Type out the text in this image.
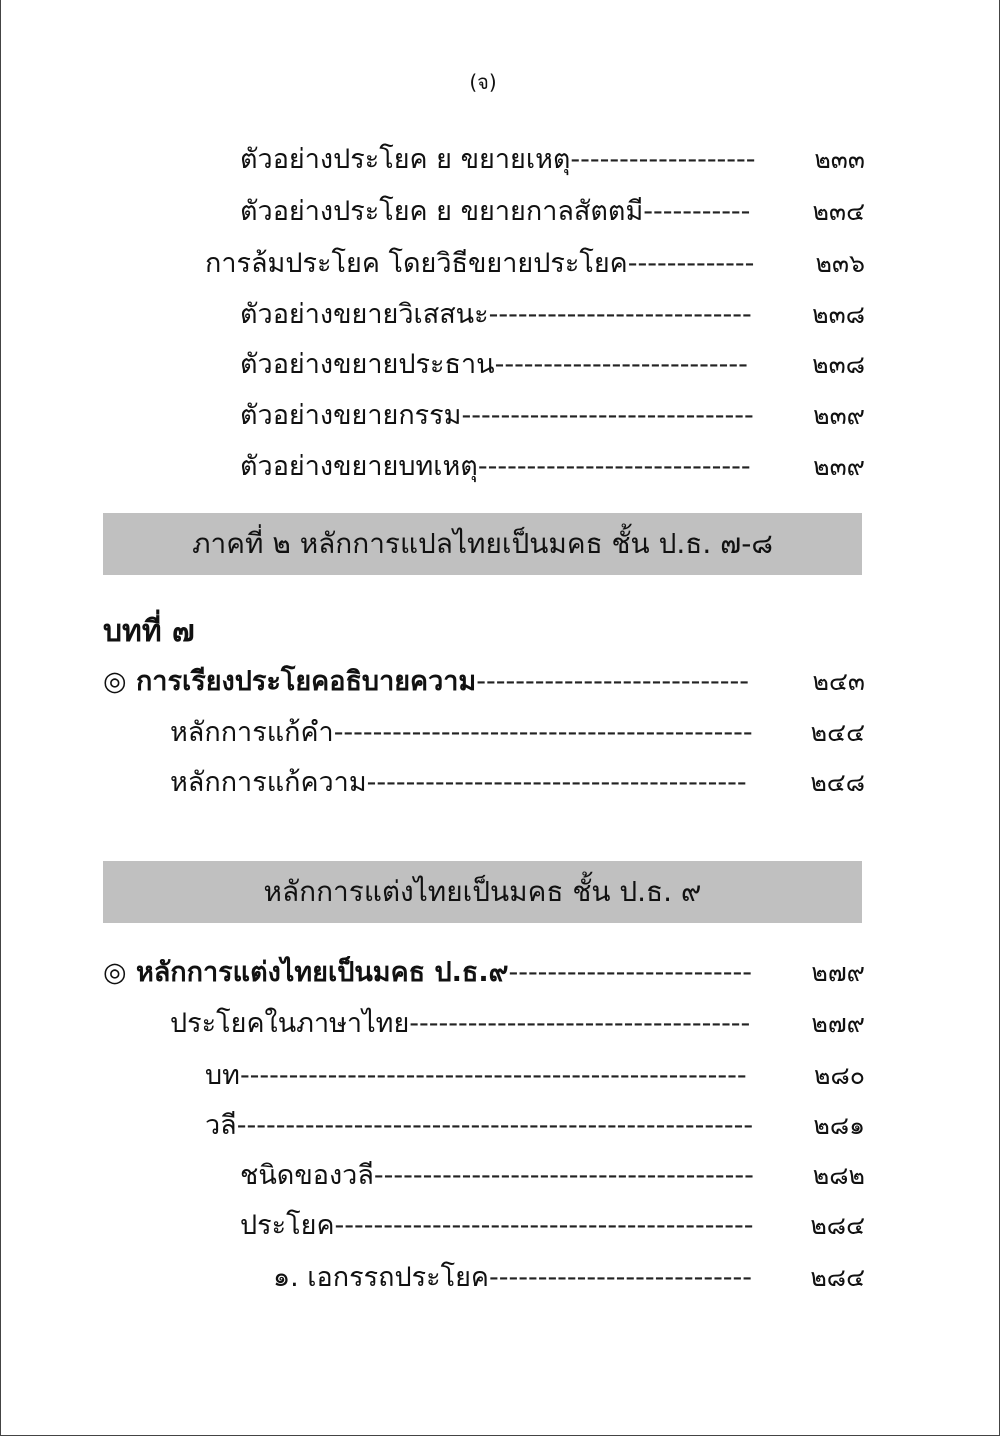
(จ)
ตัวอย่างประโยค ย ขยายเหตุ-------------------	๒๓๓
ตัวอย่างประโยค ย ขยายกาลสัตตมี-----------	๒๓๔
การล้มประโยค โดยวิธีขยายประโยค-------------	๒๓๖
ตัวอย่างขยายวิเสสนะ---------------------------	๒๓๘
ตัวอย่างขยายประธาน--------------------------	๒๓๘
ตัวอย่างขยายกรรม------------------------------	๒๓๙
ตัวอย่างขยายบทเหตุ----------------------------	๒๓๙
ภาคที่ ๒ หลักการแปลไทยเป็นมคธ ชั้น ป.ธ. ๗-๘
บทที่ ๗
◎ การเรียงประโยคอธิบายความ----------------------------	๒๔๓
หลักการแก้คำ-------------------------------------------	๒๔๔
หลักการแก้ความ---------------------------------------	๒๔๘
หลักการแต่งไทยเป็นมคธ ชั้น ป.ธ. ๙
◎ หลักการแต่งไทยเป็นมคธ ป.ธ.๙-------------------------	๒๗๙
ประโยคในภาษาไทย-----------------------------------	๒๗๙
บท----------------------------------------------------	๒๘๐
วลี-----------------------------------------------------	๒๘๑
ชนิดของวลี---------------------------------------	๒๘๒
ประโยค-------------------------------------------	๒๘๔
๑. เอกรรถประโยค---------------------------	๒๘๔
